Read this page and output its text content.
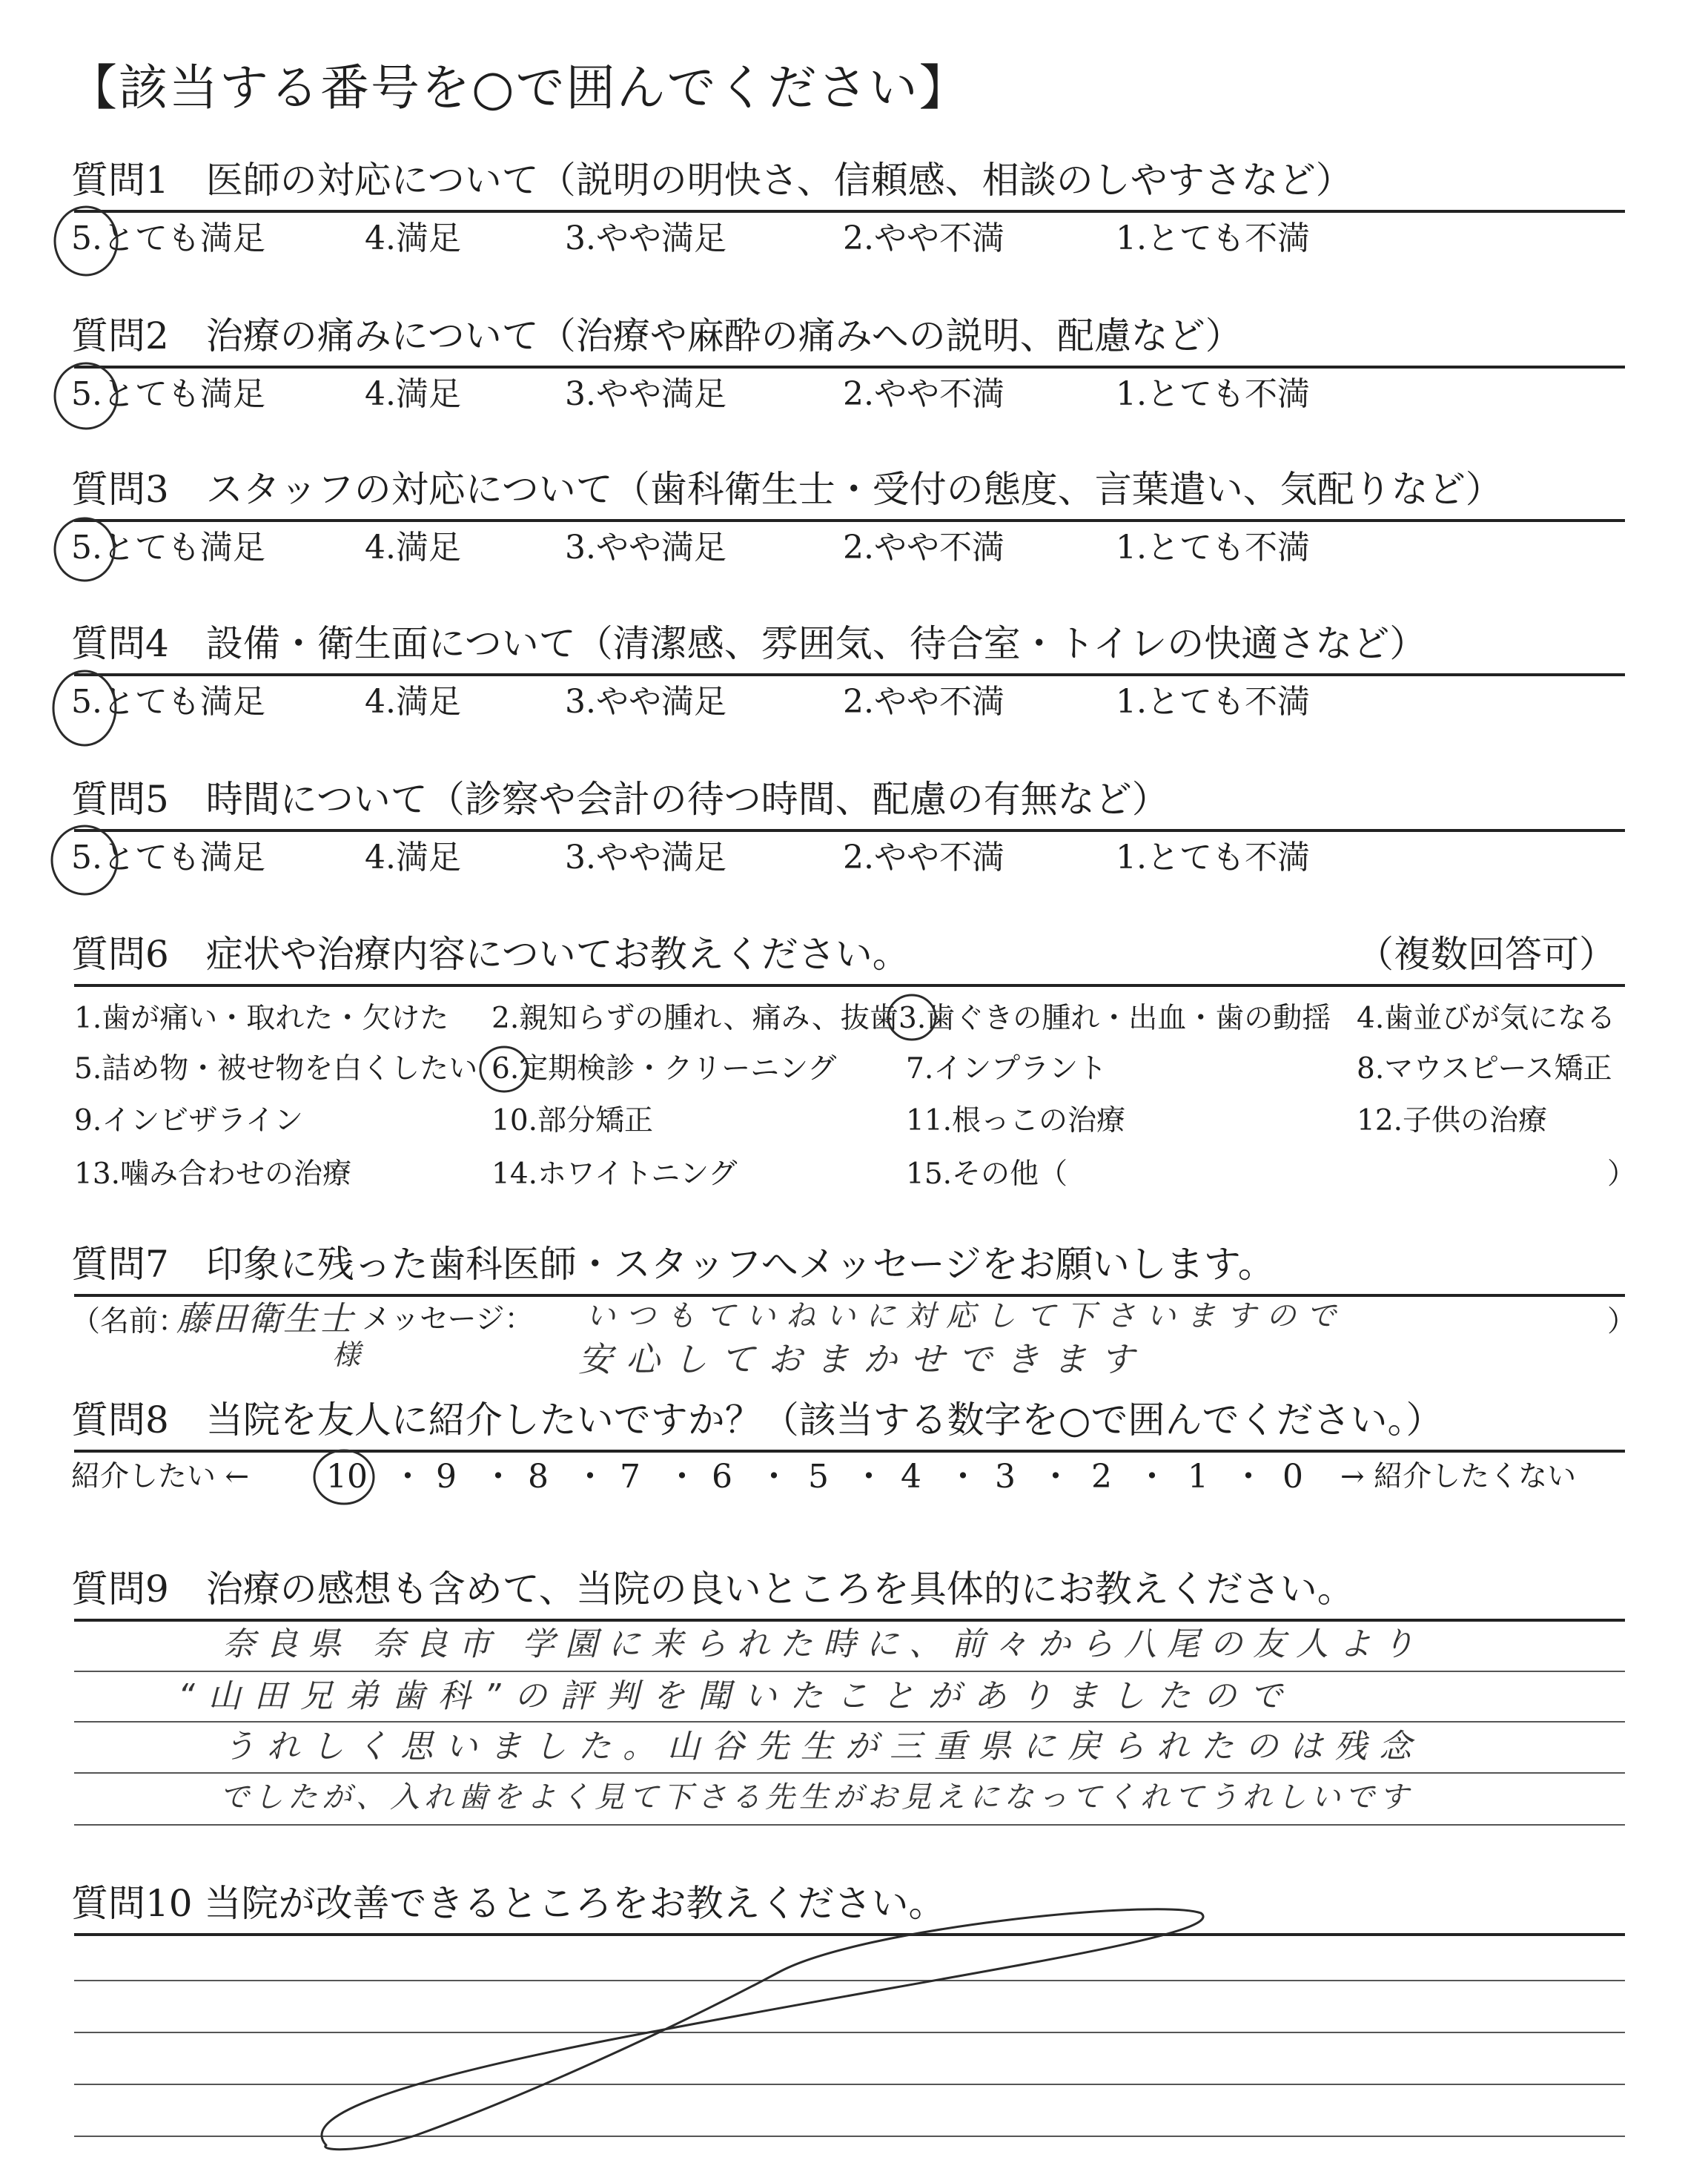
【該当する番号を○で囲んでください】
質問1　医師の対応について（説明の明快さ、信頼感、相談のしやすさなど）
5.とても満足	4.満足	3.やや満足	2.やや不満	1.とても不満
質問2　治療の痛みについて（治療や麻酔の痛みへの説明、配慮など）
5.とても満足	4.満足	3.やや満足	2.やや不満	1.とても不満
質問3　スタッフの対応について（歯科衛生士・受付の態度、言葉遣い、気配りなど）
5.とても満足	4.満足	3.やや満足	2.やや不満	1.とても不満
質問4　設備・衛生面について（清潔感、雰囲気、待合室・トイレの快適さなど）
5.とても満足	4.満足	3.やや満足	2.やや不満	1.とても不満
質問5　時間について（診察や会計の待つ時間、配慮の有無など）
5.とても満足	4.満足	3.やや満足	2.やや不満	1.とても不満
質問6　症状や治療内容についてお教えください。	（複数回答可）
1.歯が痛い・取れた・欠けた 2.親知らずの腫れ、痛み、抜歯 3.歯ぐきの腫れ・出血・歯の動揺 4.歯並びが気になる
5.詰め物・被せ物を白くしたい 6.定期検診・クリーニング 7.インプラント	8.マウスピース矯正
9.インビザライン	10.部分矯正	11.根っこの治療	12.子供の治療
13.噛み合わせの治療	14.ホワイトニング	15.その他（	）
質問7　印象に残った歯科医師・スタッフへメッセージをお願いします。
（名前：
藤田衛生士
様
メッセージ： いつもていねいに対応して下さいますので
安心しておまかせできます
）
質問8　当院を友人に紹介したいですか？（該当する数字を○で囲んでください。）
紹介したい ← 10 ・ 9 ・ 8 ・ 7 ・ 6 ・ 5 ・ 4 ・ 3 ・ 2 ・ 1 ・ 0 → 紹介したくない
質問9　治療の感想も含めて、当院の良いところを具体的にお教えください。
奈良県 奈良市 学園に来られた時に、前々から八尾の友人より
“山田兄弟歯科”の評判を聞いたことがありましたので
うれしく思いました。山谷先生が三重県に戻られたのは残念
でしたが、入れ歯をよく見て下さる先生がお見えになってくれてうれしいです
質問10 当院が改善できるところをお教えください。
